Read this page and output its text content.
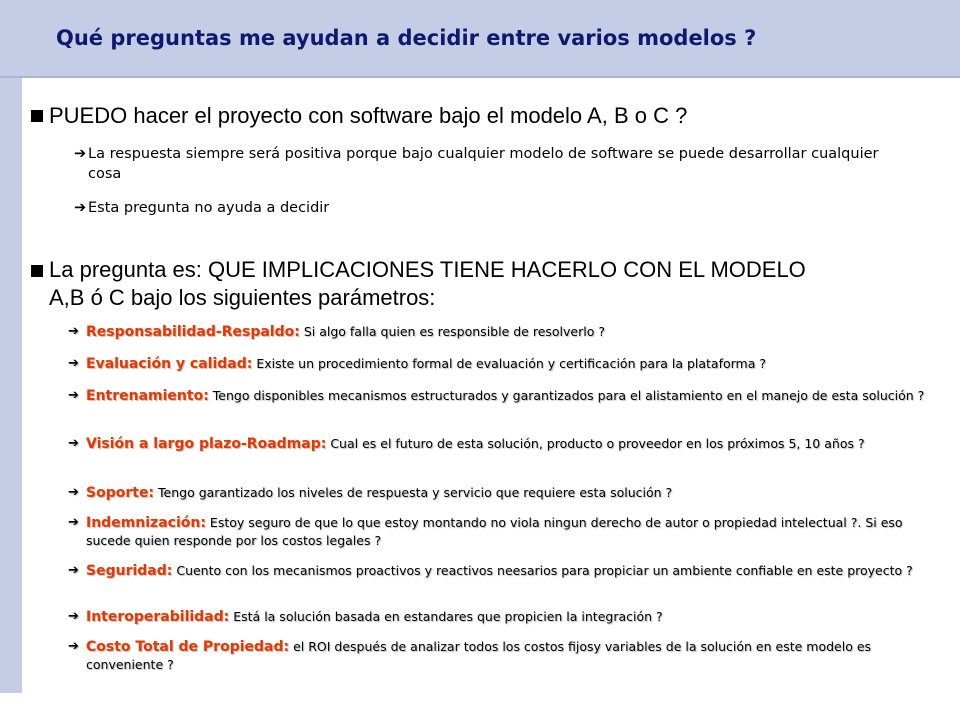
Qué preguntas me ayudan a decidir entre varios modelos ?
PUEDO hacer el proyecto con software bajo el modelo A, B o C ?
➔ La respuesta siempre será positiva porque bajo cualquier modelo de software se puede desarrollar cualquier cosa
➔ Esta pregunta no ayuda a decidir
La pregunta es: QUE IMPLICACIONES TIENE HACERLO CON EL MODELO
A,B ó C bajo los siguientes parámetros:
➔ Responsabilidad-Respaldo: Si algo falla quien es responsible de resolverlo ?
➔ Evaluación y calidad: Existe un procedimiento formal de evaluación y certificación para la plataforma ?
➔ Entrenamiento: Tengo disponibles mecanismos estructurados y garantizados para el alistamiento en el manejo de esta solución ?
➔ Visión a largo plazo-Roadmap: Cual es el futuro de esta solución, producto o proveedor en los próximos 5, 10 años ?
➔ Soporte: Tengo garantizado los niveles de respuesta y servicio que requiere esta solución ?
➔ Indemnización: Estoy seguro de que lo que estoy montando no viola ningun derecho de autor o propiedad intelectual ?. Si eso sucede quien responde por los costos legales ?
➔ Seguridad: Cuento con los mecanismos proactivos y reactivos neesarios para propiciar un ambiente confiable en este proyecto ?
➔ Interoperabilidad: Está la solución basada en estandares que propicien la integración ?
➔ Costo Total de Propiedad: el ROI después de analizar todos los costos fijosy variables de la solución en este modelo es conveniente ?
